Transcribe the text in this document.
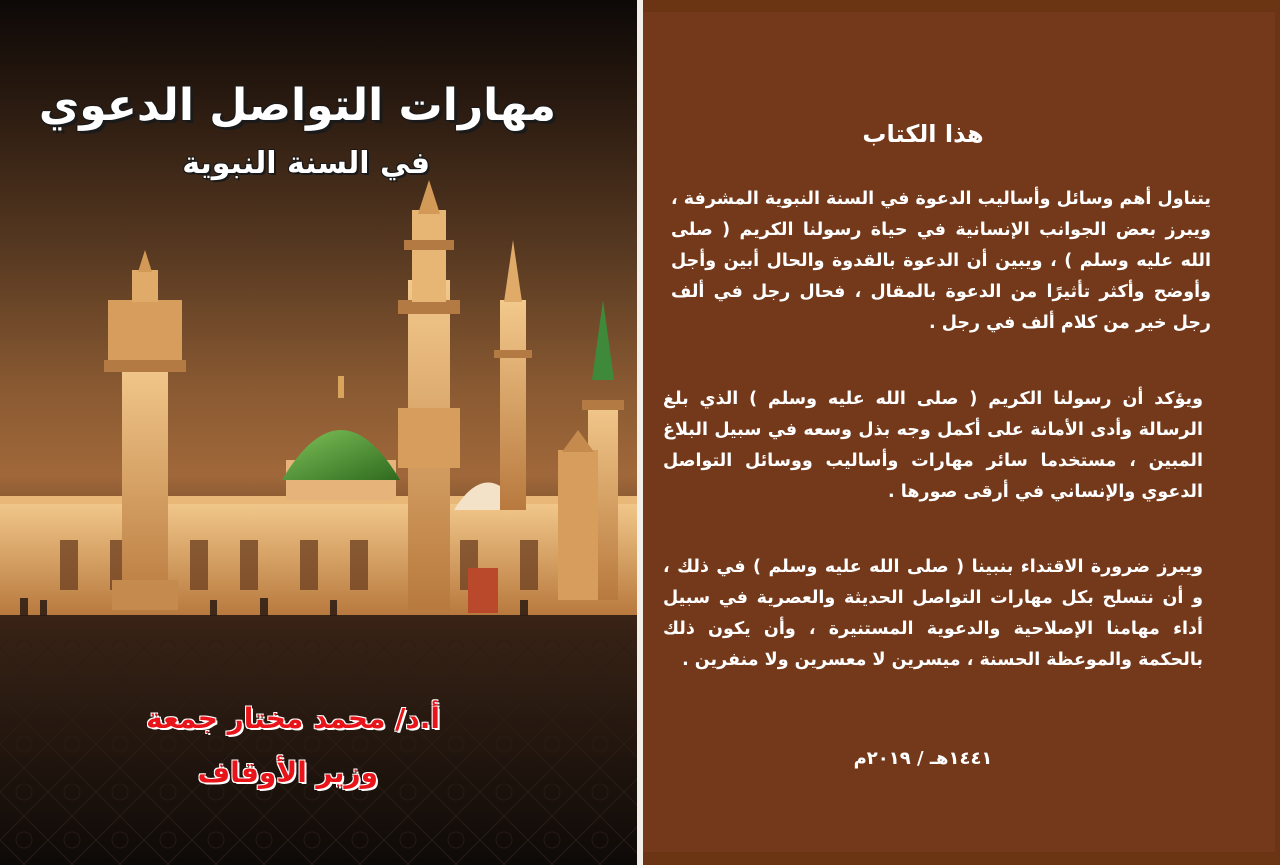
مهارات التواصل الدعوي
في السنة النبوية
أ.د/ محمد مختار جمعة
وزير الأوقاف
هذا الكتاب
يتناول أهم وسائل وأساليب الدعوة في السنة النبوية المشرفة ، ويبرز بعض الجوانب الإنسانية في حياة رسولنا الكريم ( صلى الله عليه وسلم ) ، ويبين أن الدعوة بالقدوة والحال أبين وأجل وأوضح وأكثر تأثيرًا من الدعوة بالمقال ، فحال رجل في ألف رجل خير من كلام ألف في رجل .
ويؤكد أن رسولنا الكريم ( صلى الله عليه وسلم ) الذي بلغ الرسالة وأدى الأمانة على أكمل وجه بذل وسعه في سبيل البلاغ المبين ، مستخدما سائر مهارات وأساليب ووسائل التواصل الدعوي والإنساني في أرقى صورها .
ويبرز ضرورة الاقتداء بنبينا ( صلى الله عليه وسلم ) في ذلك ، و أن نتسلح بكل مهارات التواصل الحديثة والعصرية في سبيل أداء مهامنا الإصلاحية والدعوية المستنيرة ، وأن يكون ذلك بالحكمة والموعظة الحسنة ، ميسرين لا معسرين ولا منفرين .
١٤٤١هـ / ٢٠١٩م
